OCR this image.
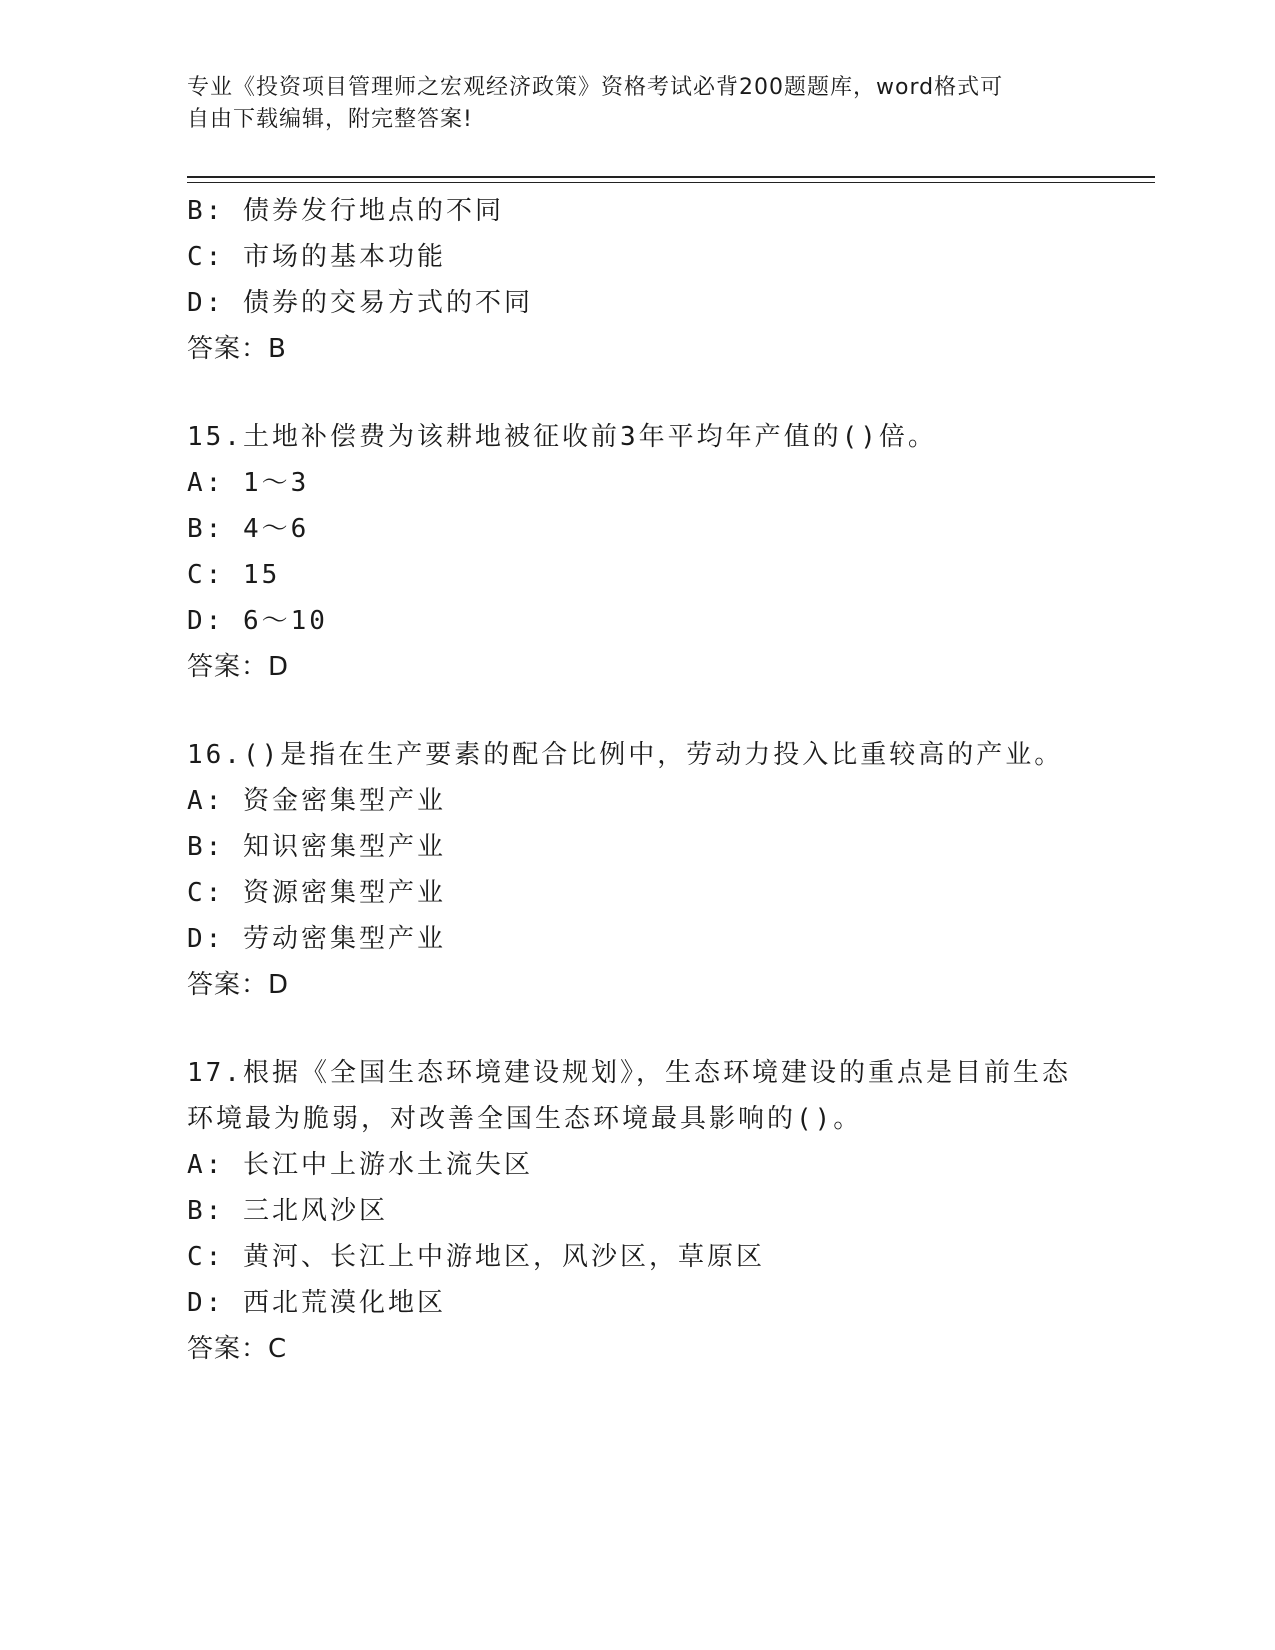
专业《投资项目管理师之宏观经济政策》资格考试必背200题题库，word格式可
自由下载编辑，附完整答案!
B: 债券发行地点的不同
C: 市场的基本功能
D: 债券的交易方式的不同
答案：B
15.土地补偿费为该耕地被征收前3年平均年产值的()倍。
A: 1～3
B: 4～6
C: 15
D: 6～10
答案：D
16.()是指在生产要素的配合比例中，劳动力投入比重较高的产业。
A: 资金密集型产业
B: 知识密集型产业
C: 资源密集型产业
D: 劳动密集型产业
答案：D
17.根据《全国生态环境建设规划》，生态环境建设的重点是目前生态
环境最为脆弱，对改善全国生态环境最具影响的()。
A: 长江中上游水土流失区
B: 三北风沙区
C: 黄河、长江上中游地区，风沙区，草原区
D: 西北荒漠化地区
答案：C
